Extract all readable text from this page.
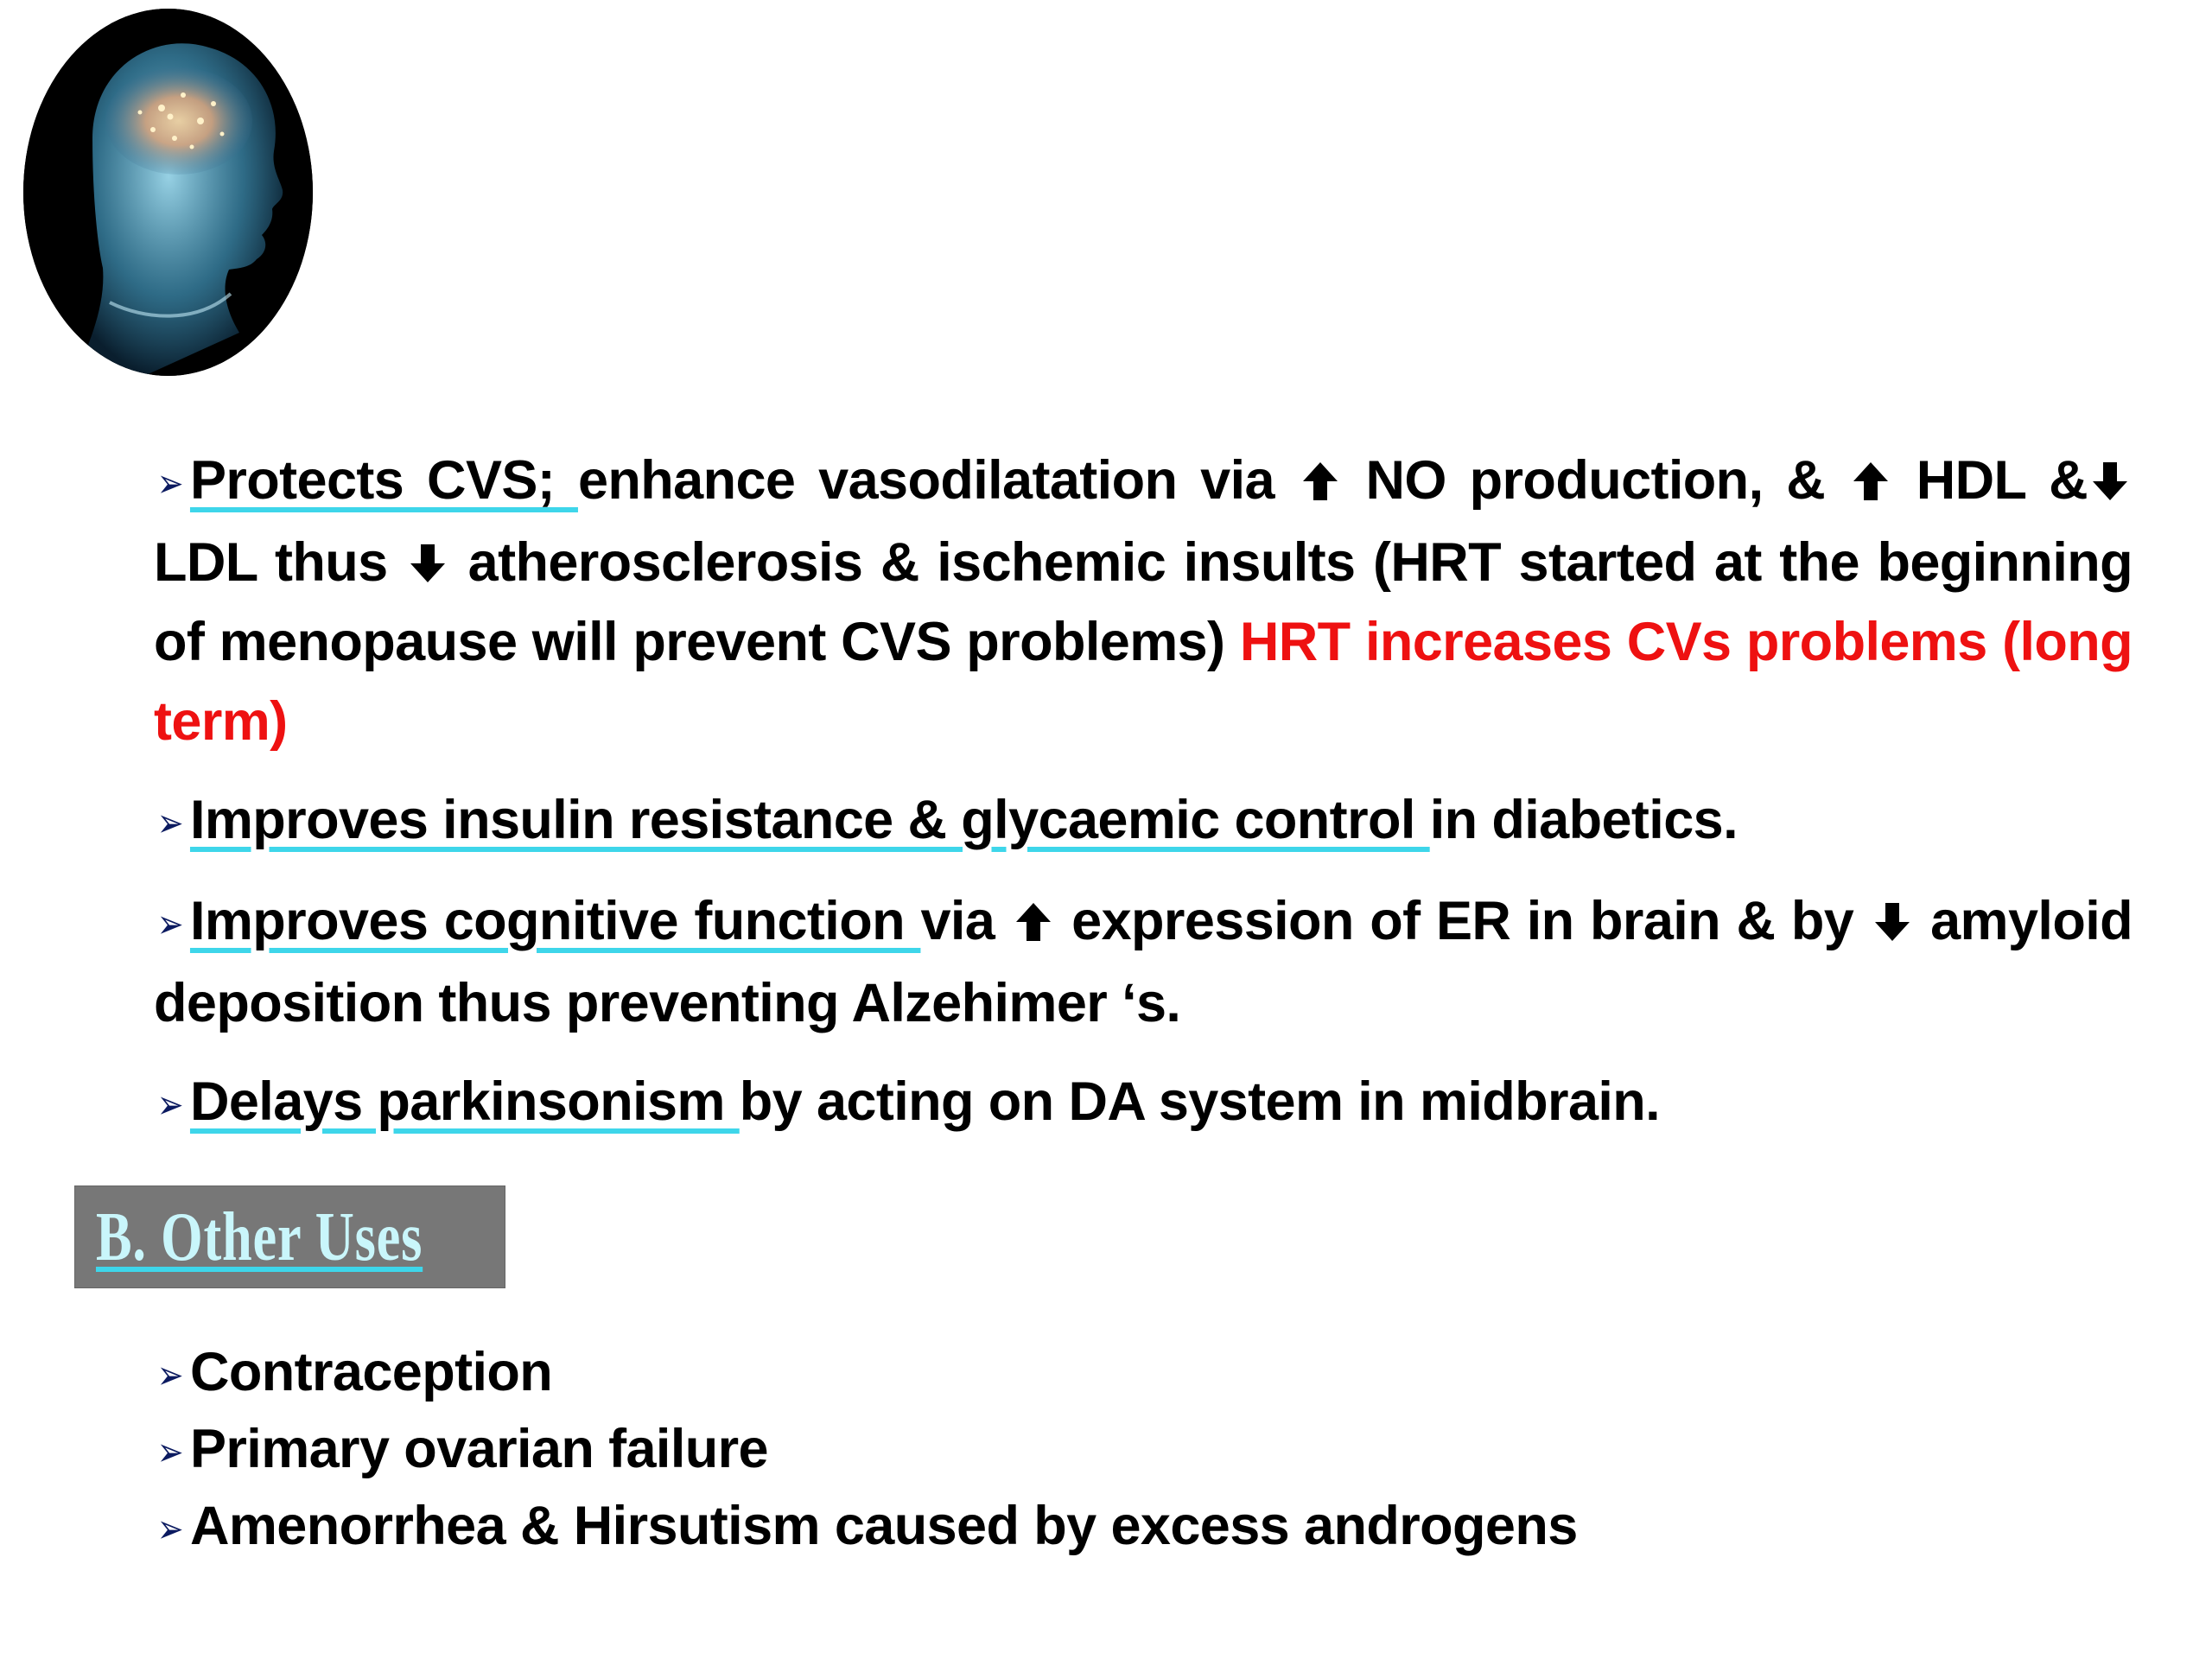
➢ Protects CVS; enhance vasodilatation via
NO production, &
HDL &
LDL thus
atherosclerosis & ischemic insults (HRT started at the beginning of menopause will prevent CVS problems) HRT increases CVs problems (long term)

➢ Improves insulin resistance & glycaemic control in diabetics.

➢ Improves cognitive function via
expression of ER in brain & by
amyloid deposition thus preventing Alzehimer ‘s.

➢ Delays parkinsonism by acting on DA system in midbrain.

B. Other Uses

➢ Contraception

➢ Primary ovarian failure

➢ Amenorrhea & Hirsutism caused by excess androgens
